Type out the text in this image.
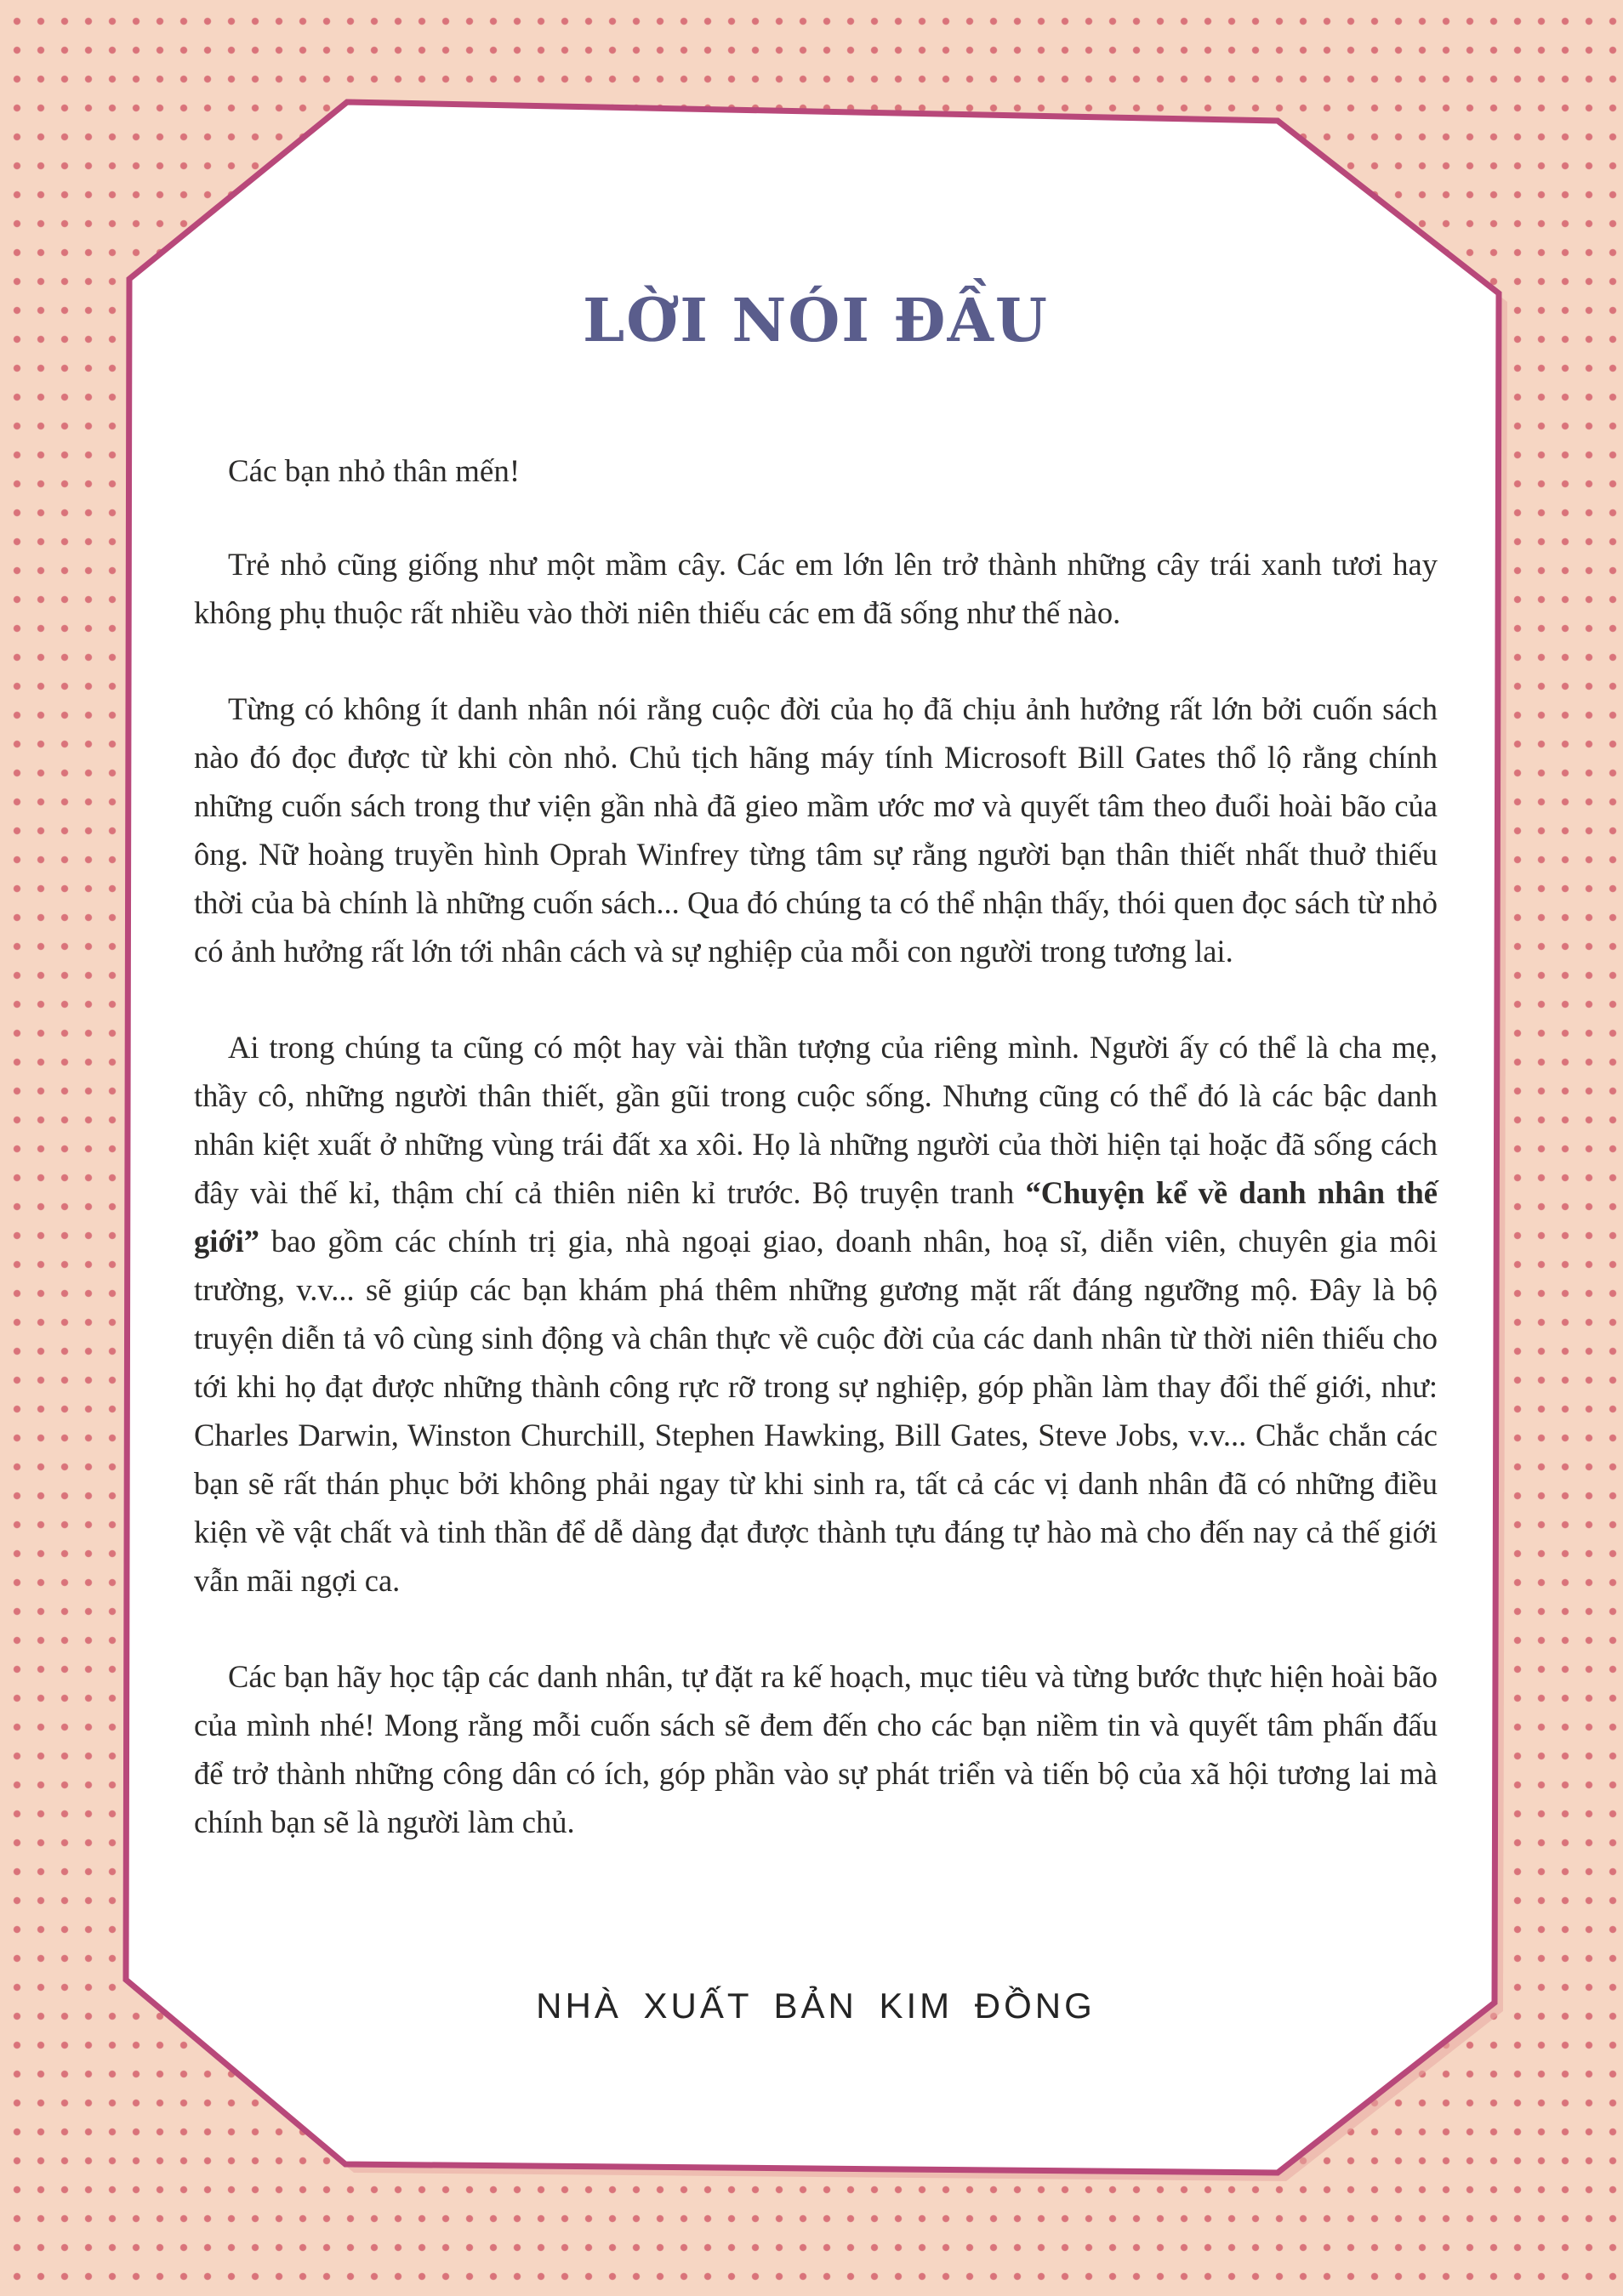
LỜI NÓI ĐẦU

Các bạn nhỏ thân mến!

Trẻ nhỏ cũng giống như một mầm cây. Các em lớn lên trở thành những cây trái xanh tươi hay không phụ thuộc rất nhiều vào thời niên thiếu các em đã sống như thế nào.

Từng có không ít danh nhân nói rằng cuộc đời của họ đã chịu ảnh hưởng rất lớn bởi cuốn sách nào đó đọc được từ khi còn nhỏ. Chủ tịch hãng máy tính Microsoft Bill Gates thổ lộ rằng chính những cuốn sách trong thư viện gần nhà đã gieo mầm ước mơ và quyết tâm theo đuổi hoài bão của ông. Nữ hoàng truyền hình Oprah Winfrey từng tâm sự rằng người bạn thân thiết nhất thuở thiếu thời của bà chính là những cuốn sách... Qua đó chúng ta có thể nhận thấy, thói quen đọc sách từ nhỏ có ảnh hưởng rất lớn tới nhân cách và sự nghiệp của mỗi con người trong tương lai.

Ai trong chúng ta cũng có một hay vài thần tượng của riêng mình. Người ấy có thể là cha mẹ, thầy cô, những người thân thiết, gần gũi trong cuộc sống. Nhưng cũng có thể đó là các bậc danh nhân kiệt xuất ở những vùng trái đất xa xôi. Họ là những người của thời hiện tại hoặc đã sống cách đây vài thế kỉ, thậm chí cả thiên niên kỉ trước. Bộ truyện tranh “Chuyện kể về danh nhân thế giới” bao gồm các chính trị gia, nhà ngoại giao, doanh nhân, hoạ sĩ, diễn viên, chuyên gia môi trường, v.v... sẽ giúp các bạn khám phá thêm những gương mặt rất đáng ngưỡng mộ. Đây là bộ truyện diễn tả vô cùng sinh động và chân thực về cuộc đời của các danh nhân từ thời niên thiếu cho tới khi họ đạt được những thành công rực rỡ trong sự nghiệp, góp phần làm thay đổi thế giới, như: Charles Darwin, Winston Churchill, Stephen Hawking, Bill Gates, Steve Jobs, v.v... Chắc chắn các bạn sẽ rất thán phục bởi không phải ngay từ khi sinh ra, tất cả các vị danh nhân đã có những điều kiện về vật chất và tinh thần để dễ dàng đạt được thành tựu đáng tự hào mà cho đến nay cả thế giới vẫn mãi ngợi ca.

Các bạn hãy học tập các danh nhân, tự đặt ra kế hoạch, mục tiêu và từng bước thực hiện hoài bão của mình nhé! Mong rằng mỗi cuốn sách sẽ đem đến cho các bạn niềm tin và quyết tâm phấn đấu để trở thành những công dân có ích, góp phần vào sự phát triển và tiến bộ của xã hội tương lai mà chính bạn sẽ là người làm chủ.

NHÀ XUẤT BẢN KIM ĐỒNG
